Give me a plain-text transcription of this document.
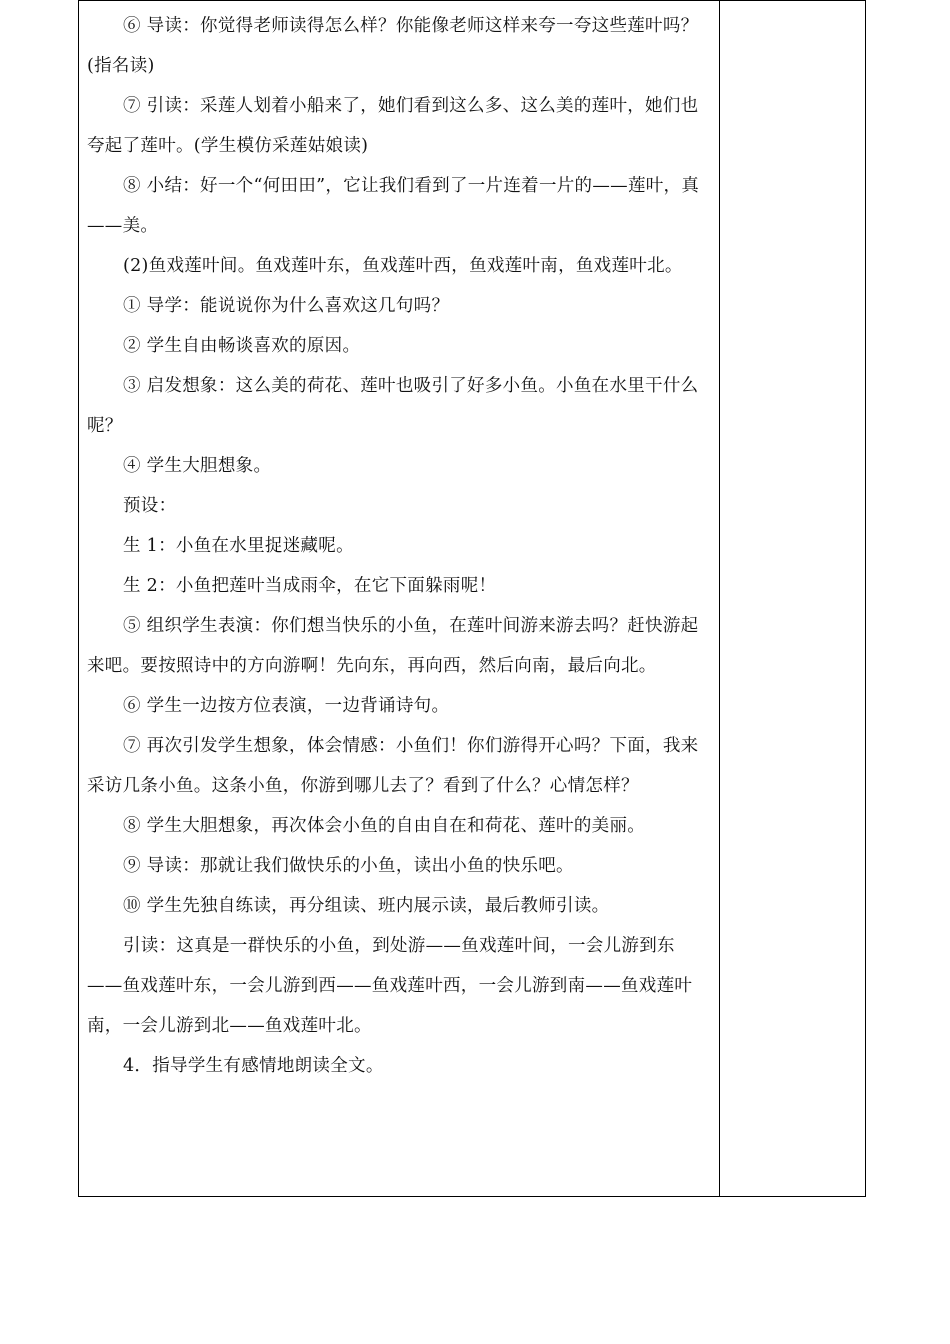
⑥ 导读：你觉得老师读得怎么样？你能像老师这样来夸一夸这些莲叶吗？(指名读)

⑦ 引读：采莲人划着小船来了，她们看到这么多、这么美的莲叶，她们也夸起了莲叶。(学生模仿采莲姑娘读)

⑧ 小结：好一个“何田田”，它让我们看到了一片连着一片的——莲叶，真——美。

(2)鱼戏莲叶间。鱼戏莲叶东，鱼戏莲叶西，鱼戏莲叶南，鱼戏莲叶北。

① 导学：能说说你为什么喜欢这几句吗？

② 学生自由畅谈喜欢的原因。

③ 启发想象：这么美的荷花、莲叶也吸引了好多小鱼。小鱼在水里干什么呢？

④ 学生大胆想象。

预设：

生 1：小鱼在水里捉迷藏呢。

生 2：小鱼把莲叶当成雨伞，在它下面躲雨呢！

⑤ 组织学生表演：你们想当快乐的小鱼，在莲叶间游来游去吗？赶快游起来吧。要按照诗中的方向游啊！先向东，再向西，然后向南，最后向北。

⑥ 学生一边按方位表演，一边背诵诗句。

⑦ 再次引发学生想象，体会情感：小鱼们！你们游得开心吗？下面，我来采访几条小鱼。这条小鱼，你游到哪儿去了？看到了什么？心情怎样？

⑧ 学生大胆想象，再次体会小鱼的自由自在和荷花、莲叶的美丽。

⑨ 导读：那就让我们做快乐的小鱼，读出小鱼的快乐吧。

⑩ 学生先独自练读，再分组读、班内展示读，最后教师引读。

引读：这真是一群快乐的小鱼，到处游——鱼戏莲叶间，一会儿游到东——鱼戏莲叶东，一会儿游到西——鱼戏莲叶西，一会儿游到南——鱼戏莲叶南，一会儿游到北——鱼戏莲叶北。

4．指导学生有感情地朗读全文。
